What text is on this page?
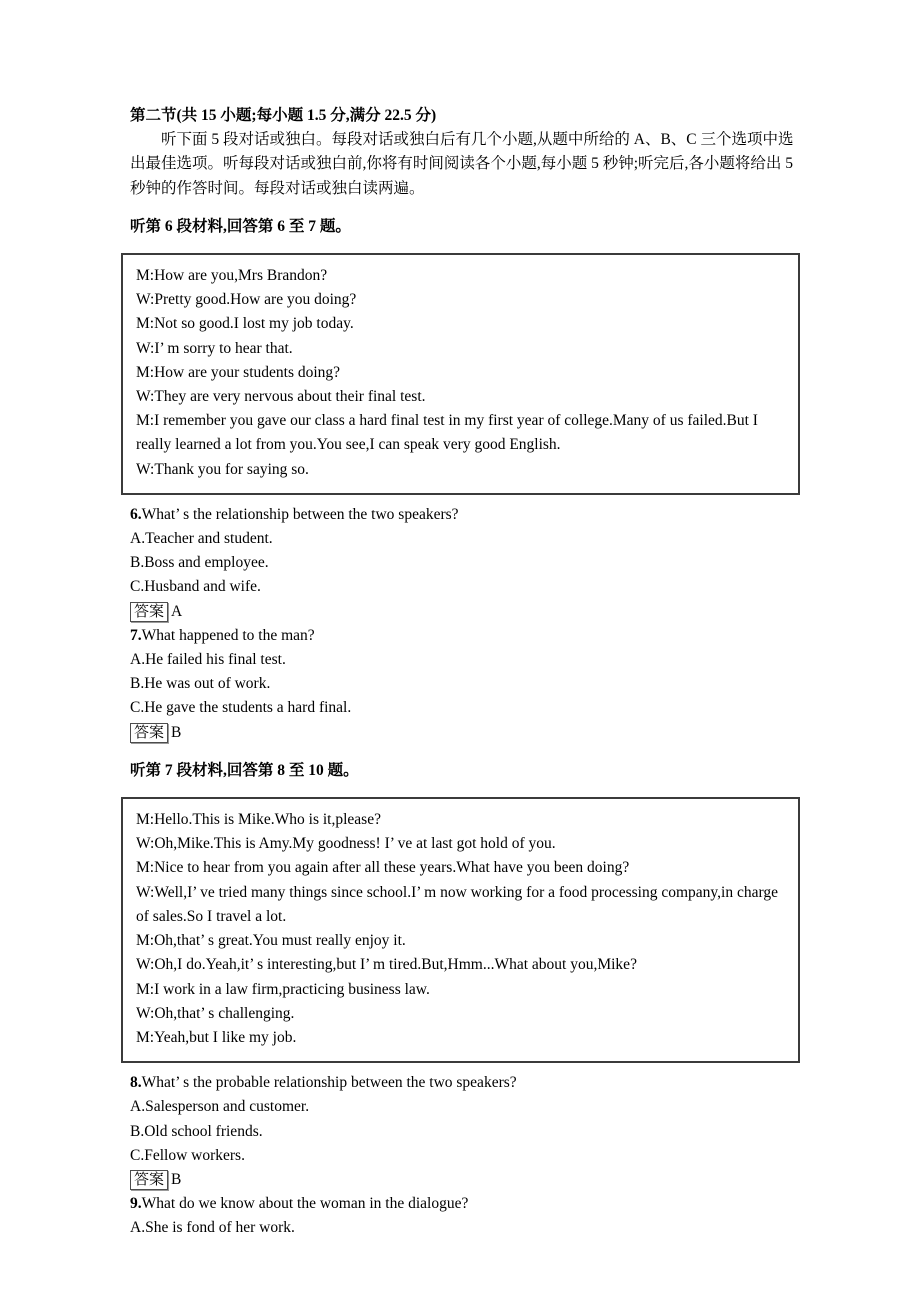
第二节(共 15 小题;每小题 1.5 分,满分 22.5 分)

听下面 5 段对话或独白。每段对话或独白后有几个小题,从题中所给的 A、B、C 三个选项中选出最佳选项。听每段对话或独白前,你将有时间阅读各个小题,每小题 5 秒钟;听完后,各小题将给出 5 秒钟的作答时间。每段对话或独白读两遍。

听第 6 段材料,回答第 6 至 7 题。

M:How are you,Mrs Brandon?

W:Pretty good.How are you doing?

M:Not so good.I lost my job today.

W:I’ m sorry to hear that.

M:How are your students doing?

W:They are very nervous about their final test.

M:I remember you gave our class a hard final test in my first year of college.Many of us failed.But I really learned a lot from you.You see,I can speak very good English.

W:Thank you for saying so.

6.What’ s the relationship between the two speakers?

A.Teacher and student.

B.Boss and employee.

C.Husband and wife.

答案 A

7.What happened to the man?

A.He failed his final test.

B.He was out of work.

C.He gave the students a hard final.

答案 B

听第 7 段材料,回答第 8 至 10 题。

M:Hello.This is Mike.Who is it,please?

W:Oh,Mike.This is Amy.My goodness! I’ ve at last got hold of you.

M:Nice to hear from you again after all these years.What have you been doing?

W:Well,I’ ve tried many things since school.I’ m now working for a food processing company,in charge of sales.So I travel a lot.

M:Oh,that’ s great.You must really enjoy it.

W:Oh,I do.Yeah,it’ s interesting,but I’ m tired.But,Hmm...What about you,Mike?

M:I work in a law firm,practicing business law.

W:Oh,that’ s challenging.

M:Yeah,but I like my job.

8.What’ s the probable relationship between the two speakers?

A.Salesperson and customer.

B.Old school friends.

C.Fellow workers.

答案 B

9.What do we know about the woman in the dialogue?

A.She is fond of her work.
